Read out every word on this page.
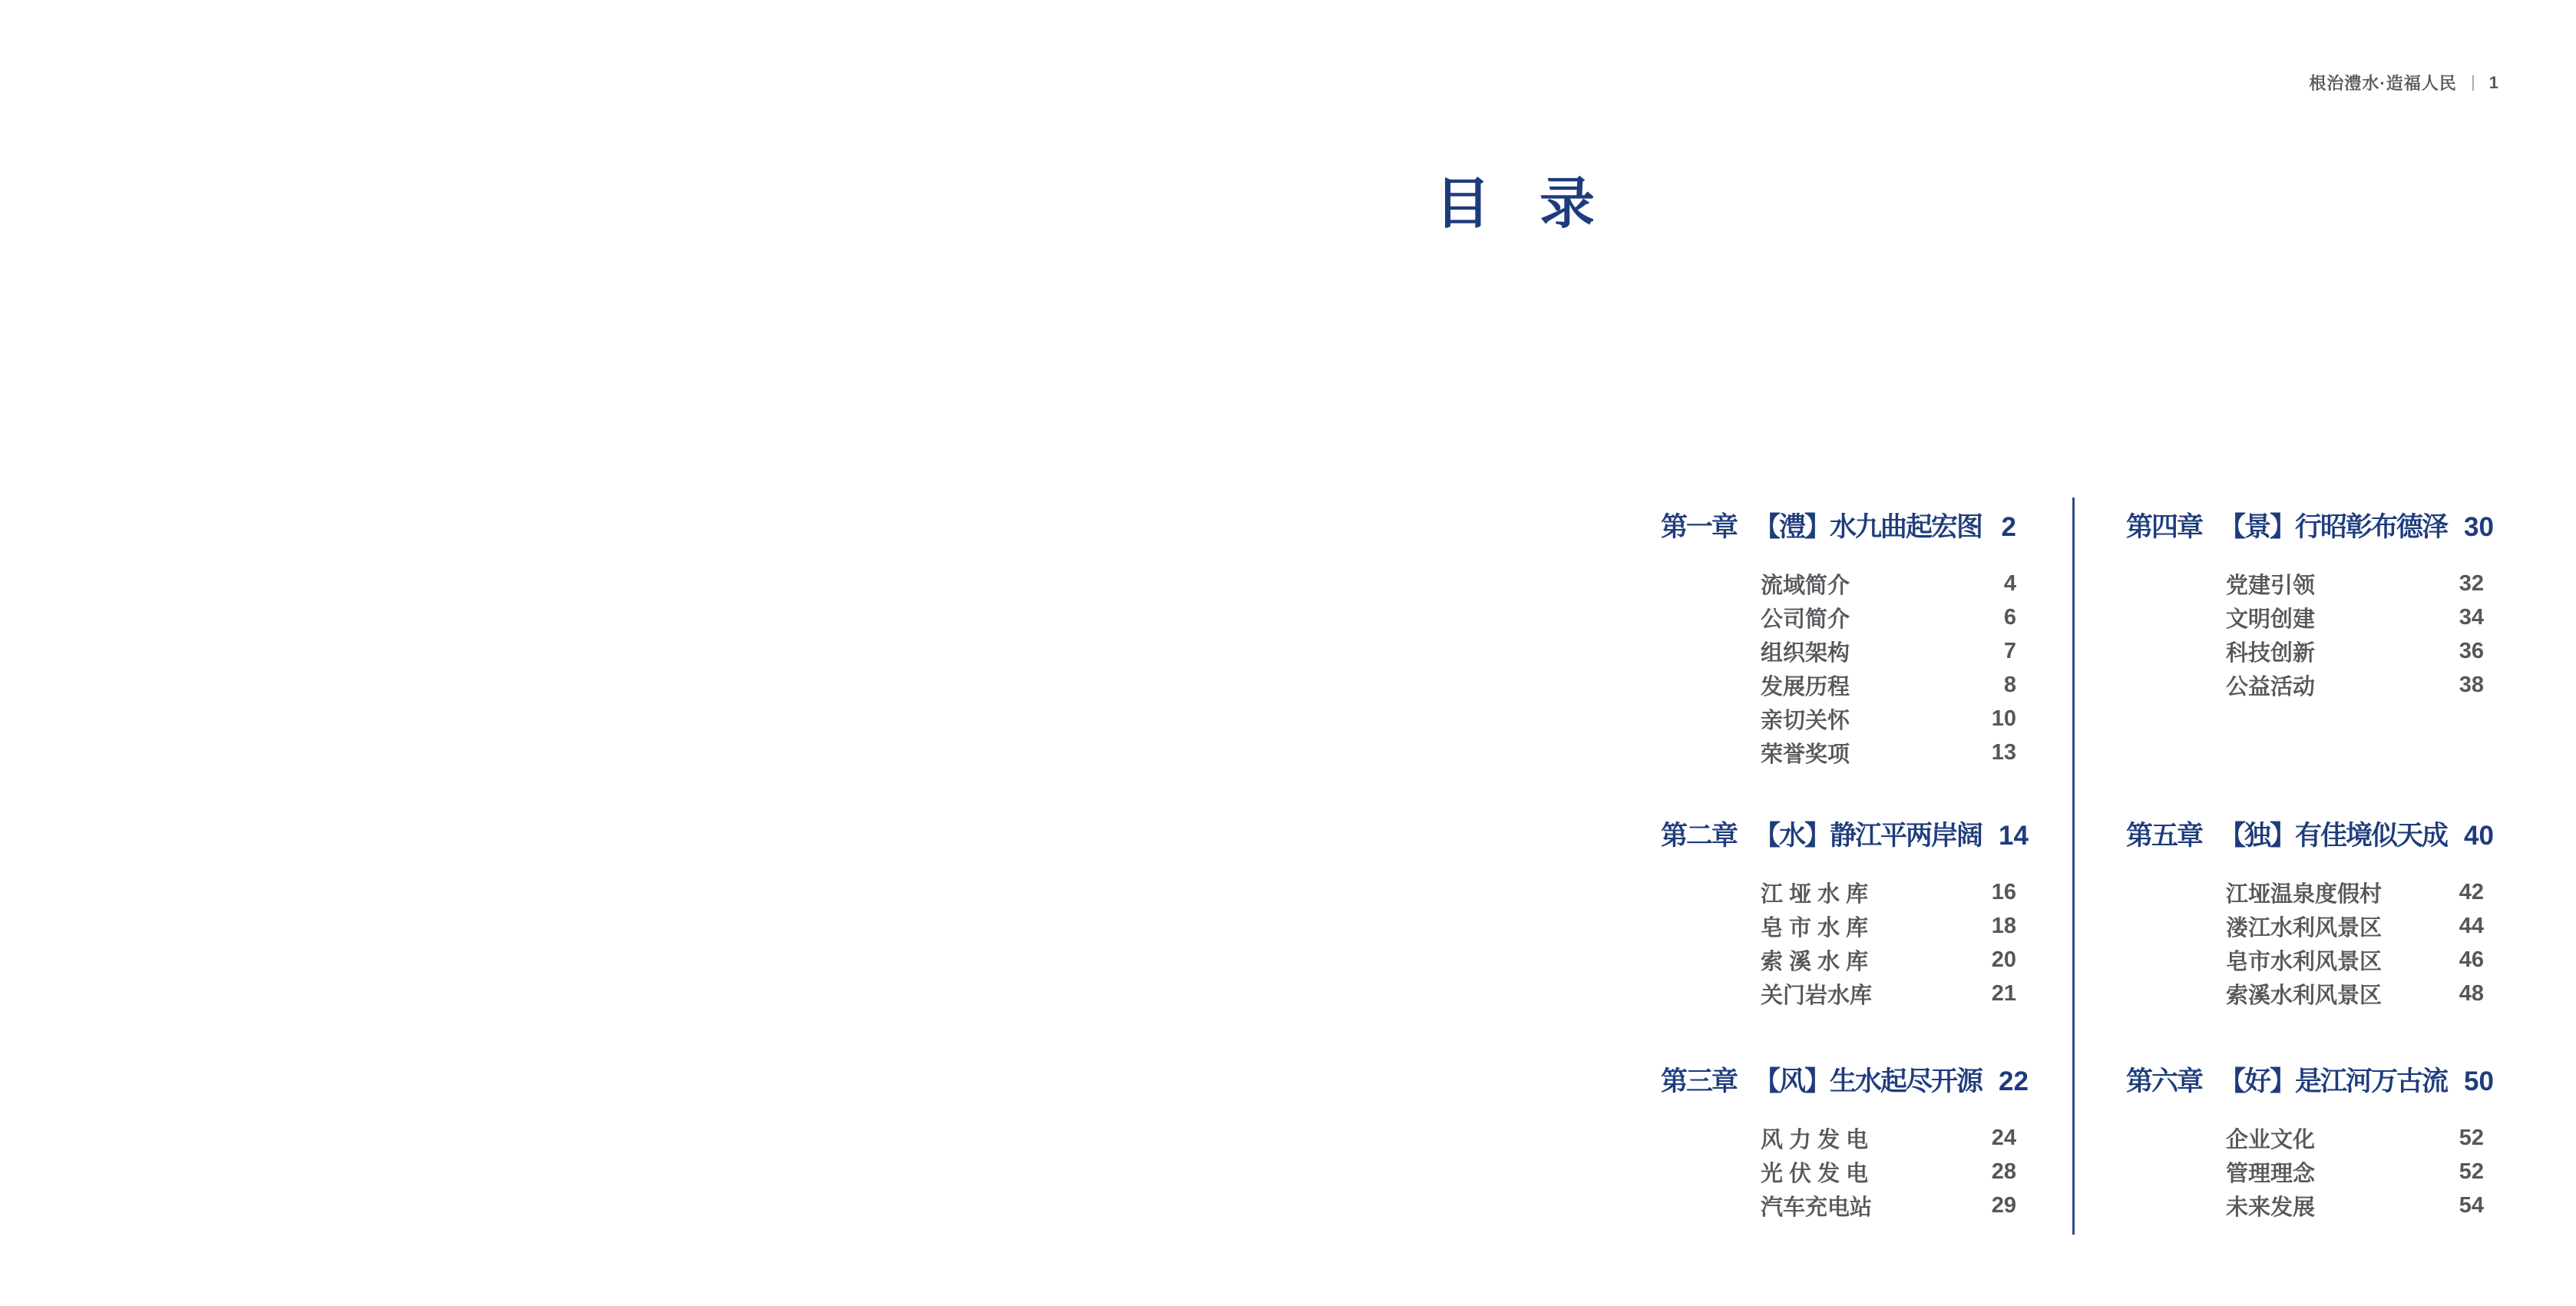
根治澧水·造福人民 1
目 录
第一章 【澧】水九曲起宏图 2
流域简介	4
公司简介	6
组织架构	7
发展历程	8
亲切关怀	10
荣誉奖项	13
第二章 【水】静江平两岸阔 14
江 垭 水 库	16
皂 市 水 库	18
索 溪 水 库	20
关门岩水库	21
第三章 【风】生水起尽开源 22
风 力 发 电	24
光 伏 发 电	28
汽车充电站	29
第四章 【景】行昭彰布德泽 30
党建引领	32
文明创建	34
科技创新	36
公益活动	38
第五章 【独】有佳境似天成 40
江垭温泉度假村	42
溇江水利风景区	44
皂市水利风景区	46
索溪水利风景区	48
第六章 【好】是江河万古流 50
企业文化	52
管理理念	52
未来发展	54
